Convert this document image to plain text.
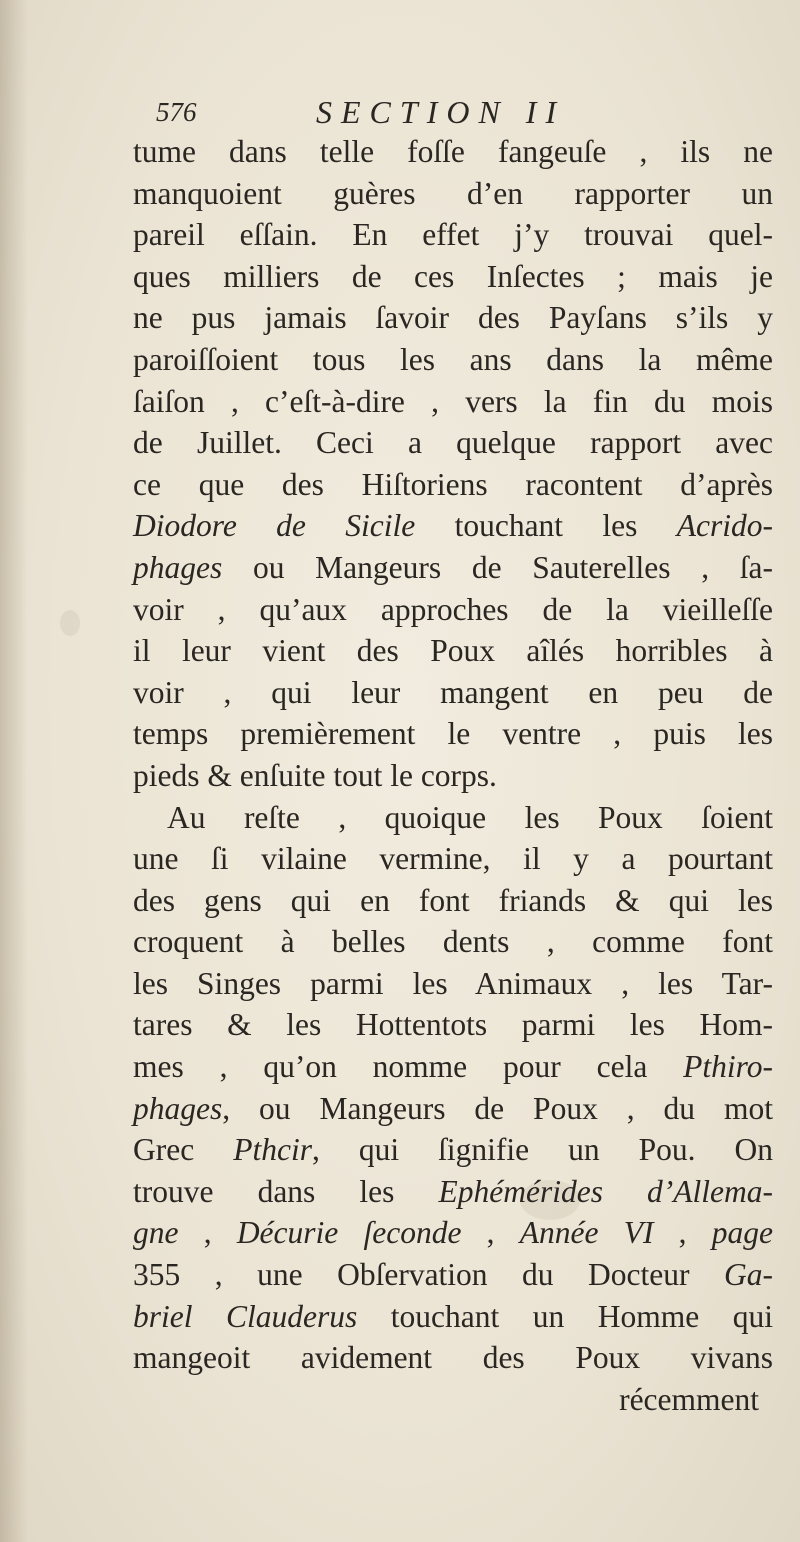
576	SECTION II
tume dans telle foſſe fangeuſe , ils ne
manquoient guères d’en rapporter un
pareil eſſain. En effet j’y trouvai quel-
ques milliers de ces Inſectes ; mais je
ne pus jamais ſavoir des Payſans s’ils y
paroiſſoient tous les ans dans la même
ſaiſon , c’eſt-à-dire , vers la fin du mois
de Juillet. Ceci a quelque rapport avec
ce que des Hiſtoriens racontent d’après
Diodore de Sicile touchant les Acrido-
phages ou Mangeurs de Sauterelles , ſa-
voir , qu’aux approches de la vieilleſſe
il leur vient des Poux aîlés horribles à
voir , qui leur mangent en peu de
temps premièrement le ventre , puis les
pieds & enſuite tout le corps.
Au reſte , quoique les Poux ſoient
une ſi vilaine vermine, il y a pourtant
des gens qui en font friands & qui les
croquent à belles dents , comme font
les Singes parmi les Animaux , les Tar-
tares & les Hottentots parmi les Hom-
mes , qu’on nomme pour cela Pthiro-
phages, ou Mangeurs de Poux , du mot
Grec Pthcir, qui ſignifie un Pou. On
trouve dans les Ephémérides d’Allema-
gne , Décurie ſeconde , Année VI , page
355 , une Obſervation du Docteur Ga-
briel Clauderus touchant un Homme qui
mangeoit avidement des Poux vivans
récemment
